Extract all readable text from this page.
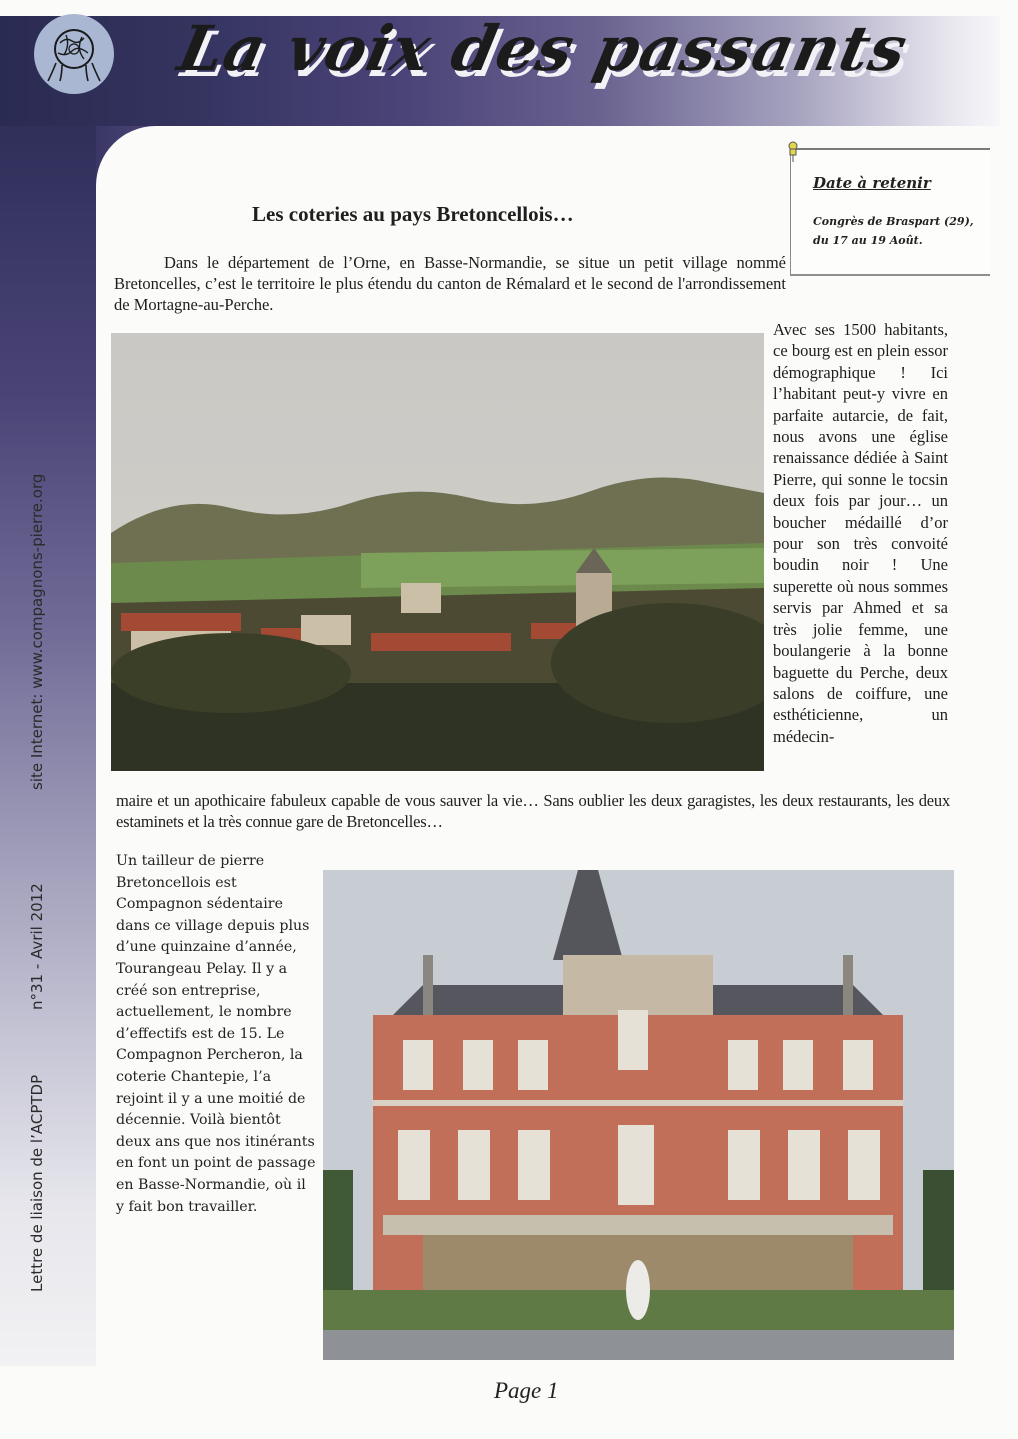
La voix des passants
site Internet: www.compagnons-pierre.org
n°31 - Avril 2012
Lettre de liaison de l’ACPTDP
Date à retenir
Congrès de Braspart (29), du 17 au 19 Août.
Les coteries au pays Bretoncellois…
Dans le département de l’Orne, en Basse-Normandie, se situe un petit village nommé Bretoncelles, c’est le territoire le plus étendu du canton de Rémalard et le second de l'arrondissement de Mortagne-au-Perche.
Avec ses 1500 habitants, ce bourg est en plein essor démographique ! Ici l’habitant peut-y vivre en parfaite autarcie, de fait, nous avons une église renaissance dédiée à Saint Pierre, qui sonne le tocsin deux fois par jour… un boucher médaillé d’or pour son très convoité boudin noir ! Une superette où nous sommes servis par Ahmed et sa très jolie femme, une boulangerie à la bonne baguette du Perche, deux salons de coiffure, une esthéticienne, un médecin-
maire et un apothicaire fabuleux capable de vous sauver la vie… Sans oublier les deux garagistes, les deux restaurants, les deux estaminets et la très connue gare de Bretoncelles…
Un tailleur de pierre Bretoncellois est Compagnon sédentaire dans ce village depuis plus d’une quinzaine d’année, Tourangeau Pelay. Il y a créé son entreprise, actuellement, le nombre d’effectifs est de 15. Le Compagnon Percheron, la coterie Chantepie, l’a rejoint il y a une moitié de décennie. Voilà bientôt deux ans que nos itinérants en font un point de passage en Basse-Normandie, où il y fait bon travailler.
Page 1
